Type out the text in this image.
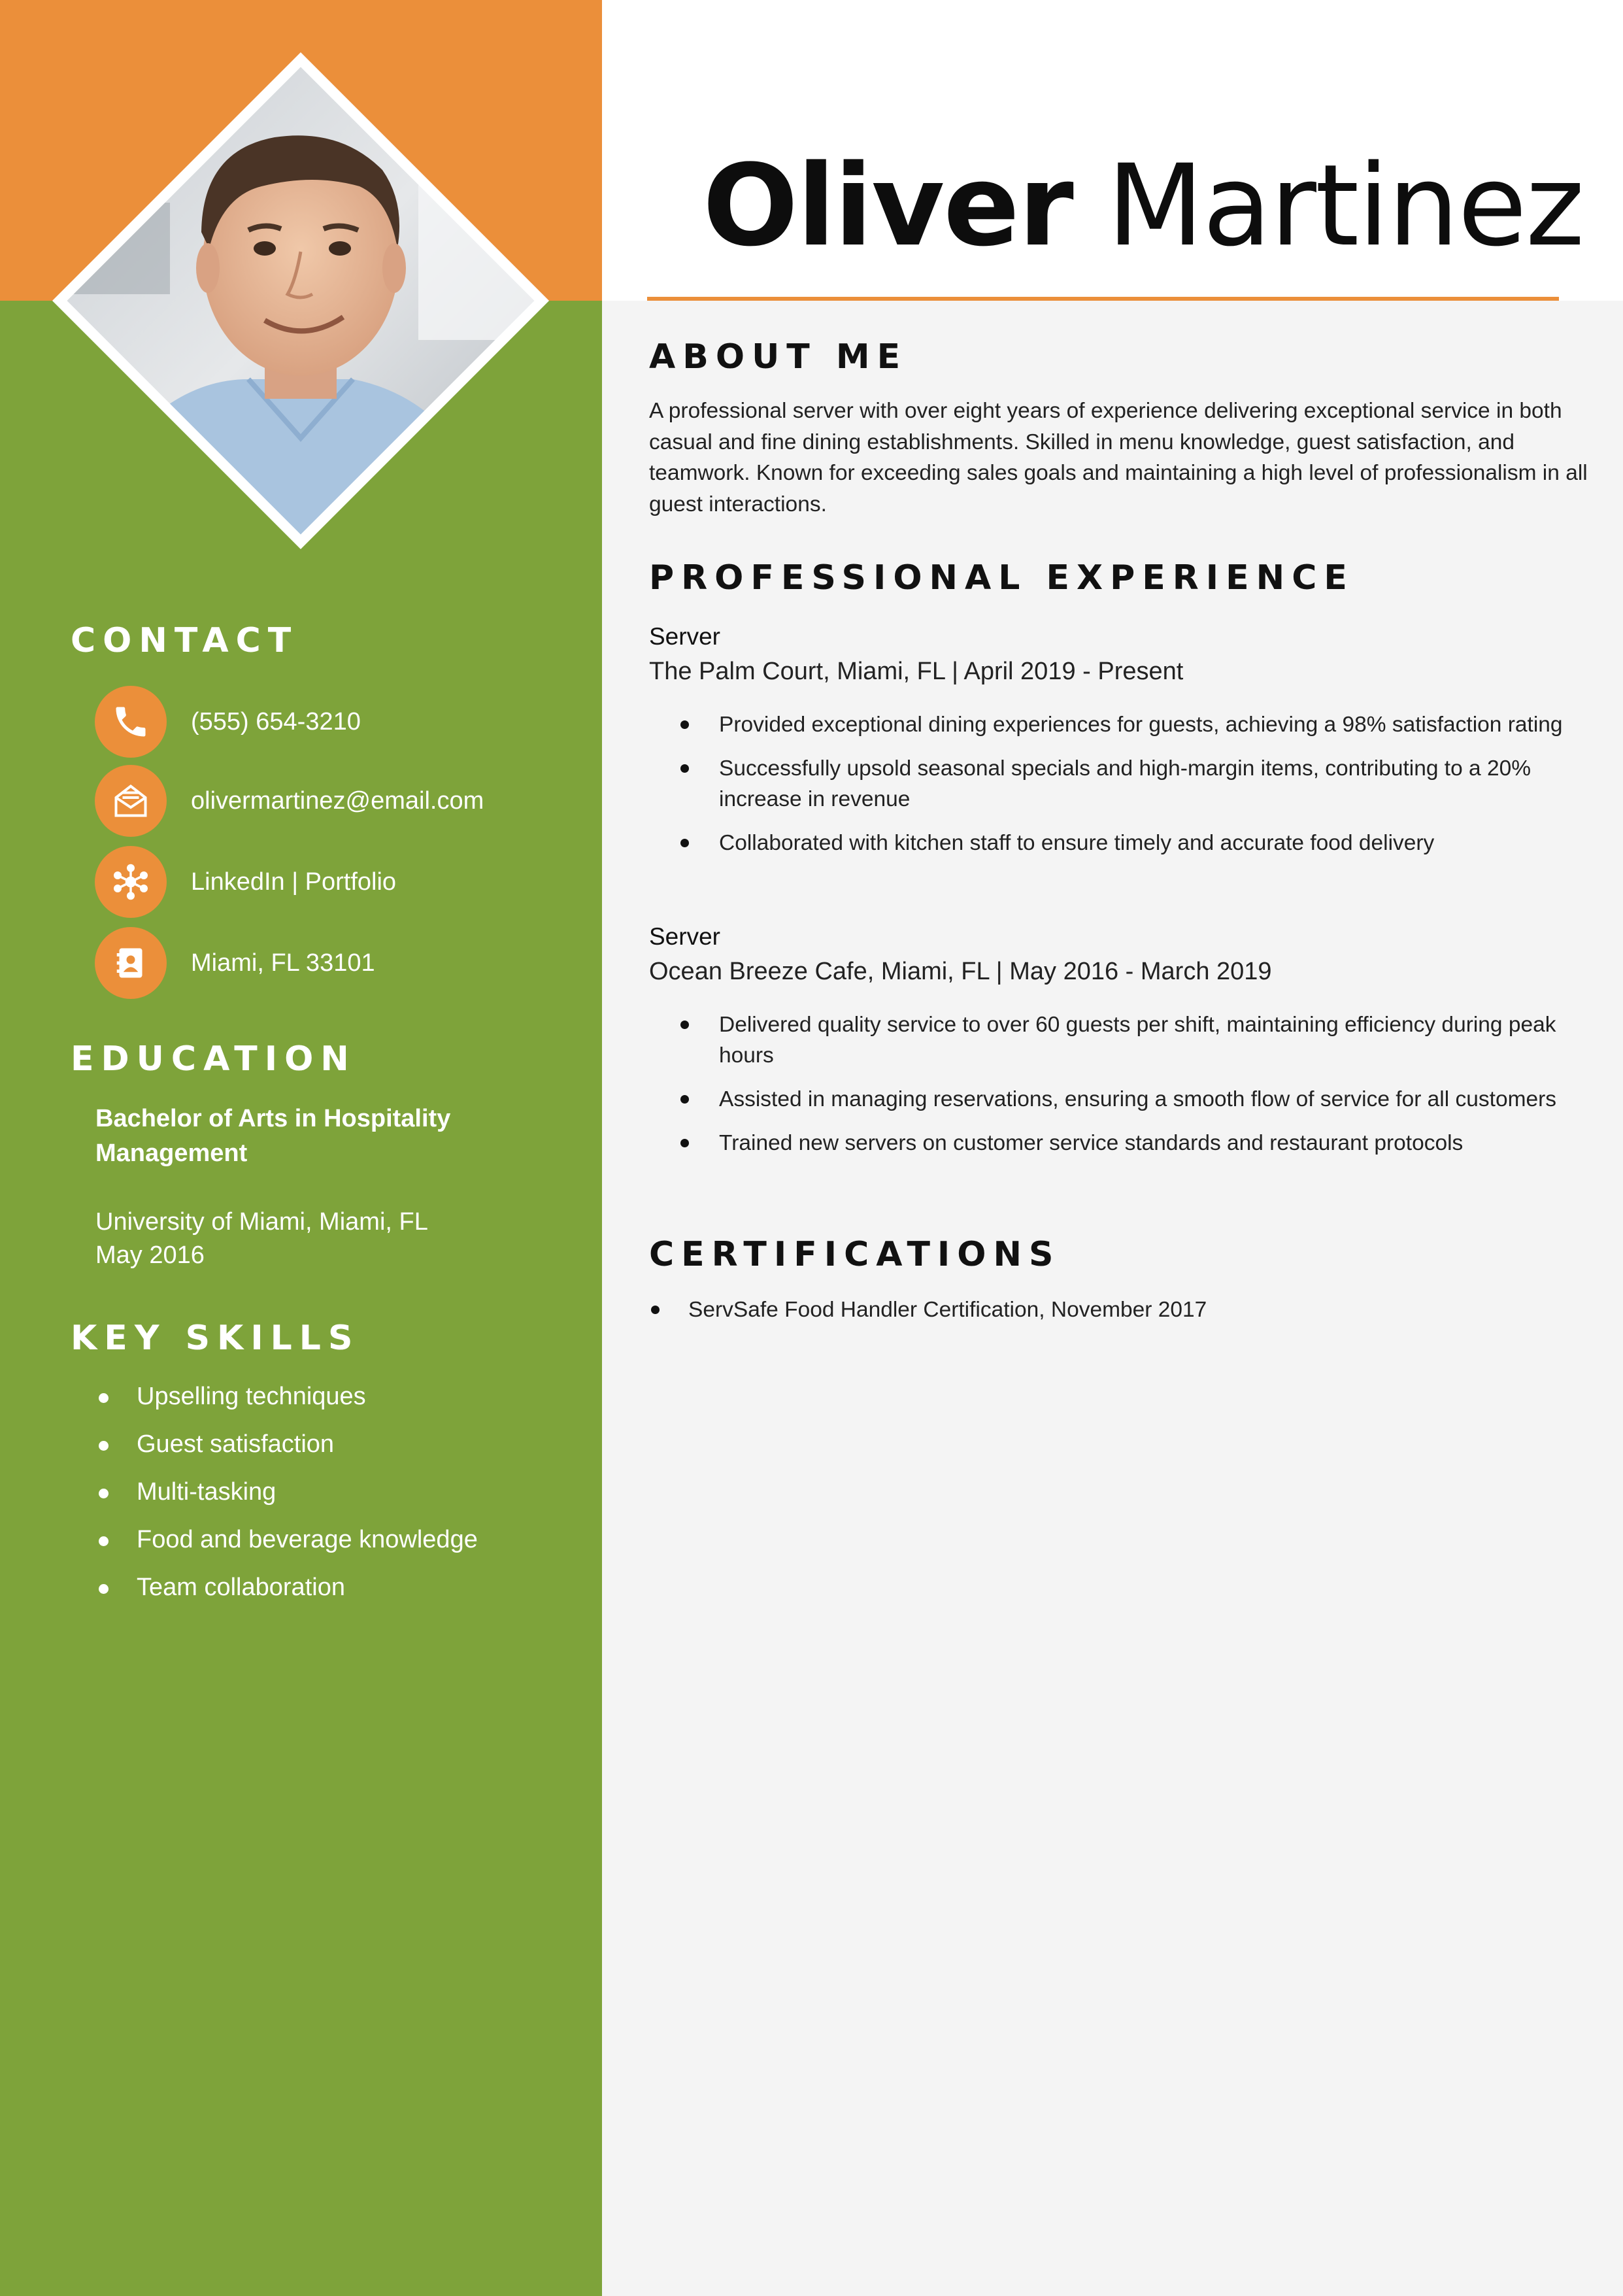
Oliver Martinez
CONTACT
(555) 654-3210
olivermartinez@email.com
LinkedIn | Portfolio
Miami, FL 33101
EDUCATION
Bachelor of Arts in Hospitality Management
University of Miami, Miami, FL
May 2016
KEY SKILLS
Upselling techniques
Guest satisfaction
Multi-tasking
Food and beverage knowledge
Team collaboration
ABOUT ME
A professional server with over eight years of experience delivering exceptional service in both casual and fine dining establishments. Skilled in menu knowledge, guest satisfaction, and teamwork. Known for exceeding sales goals and maintaining a high level of professionalism in all guest interactions.
PROFESSIONAL EXPERIENCE
Server
The Palm Court, Miami, FL | April 2019 - Present
Provided exceptional dining experiences for guests, achieving a 98% satisfaction rating
Successfully upsold seasonal specials and high-margin items, contributing to a 20% increase in revenue
Collaborated with kitchen staff to ensure timely and accurate food delivery
Server
Ocean Breeze Cafe, Miami, FL | May 2016 - March 2019
Delivered quality service to over 60 guests per shift, maintaining efficiency during peak hours
Assisted in managing reservations, ensuring a smooth flow of service for all customers
Trained new servers on customer service standards and restaurant protocols
CERTIFICATIONS
ServSafe Food Handler Certification, November 2017
